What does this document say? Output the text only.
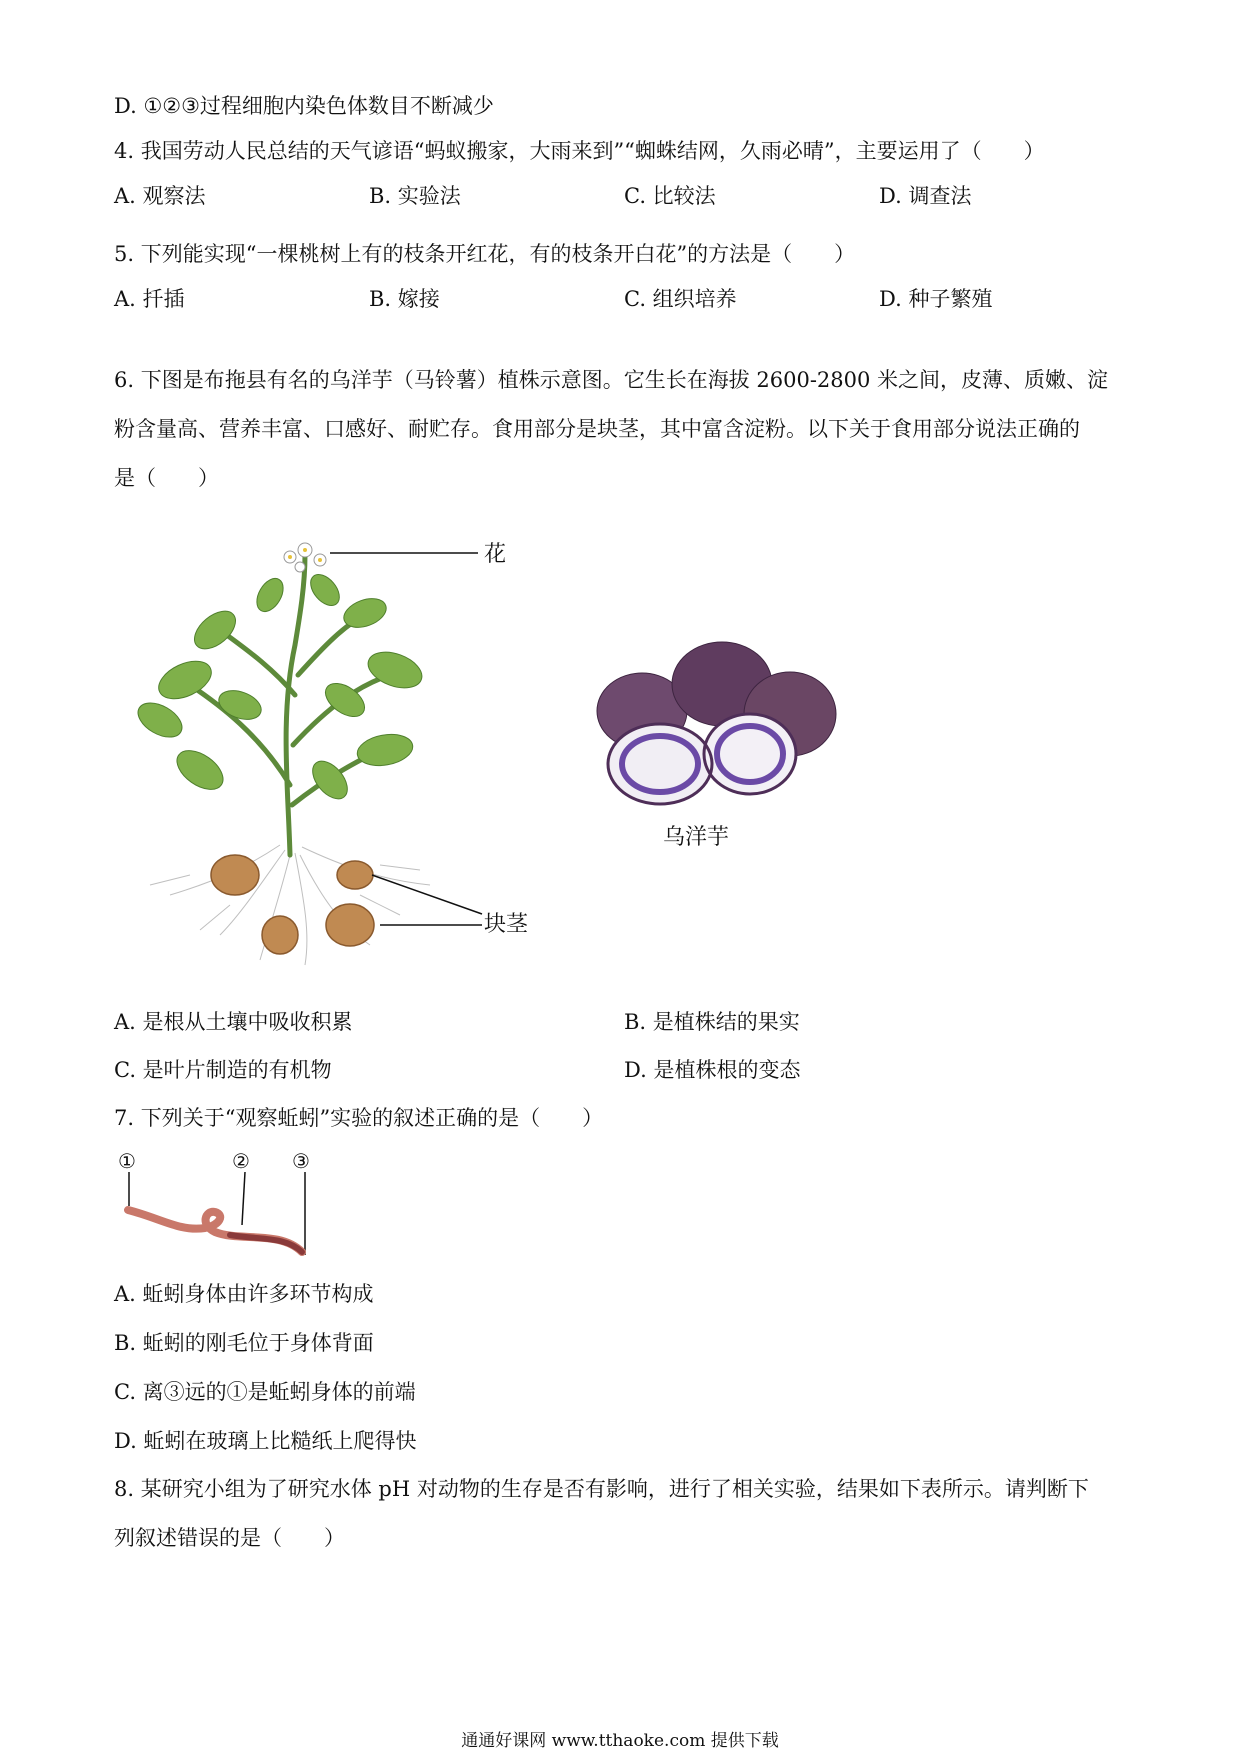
D. ①②③过程细胞内染色体数目不断减少
4. 我国劳动人民总结的天气谚语“蚂蚁搬家，大雨来到”“蜘蛛结网，久雨必晴”，主要运用了（　　）
A. 观察法	B. 实验法	C. 比较法	D. 调查法
5. 下列能实现“一棵桃树上有的枝条开红花，有的枝条开白花”的方法是（　　）
A. 扦插	B. 嫁接	C. 组织培养	D. 种子繁殖
6. 下图是布拖县有名的乌洋芋（马铃薯）植株示意图。它生长在海拔 2600-2800 米之间，皮薄、质嫩、淀
粉含量高、营养丰富、口感好、耐贮存。食用部分是块茎，其中富含淀粉。以下关于食用部分说法正确的
是（　　）
花
块茎
乌洋芋
A. 是根从土壤中吸收积累	B. 是植株结的果实
C. 是叶片制造的有机物	D. 是植株根的变态
7. 下列关于“观察蚯蚓”实验的叙述正确的是（　　）
①	② ③
A. 蚯蚓身体由许多环节构成
B. 蚯蚓的刚毛位于身体背面
C. 离③远的①是蚯蚓身体的前端
D. 蚯蚓在玻璃上比糙纸上爬得快
8. 某研究小组为了研究水体 pH 对动物的生存是否有影响，进行了相关实验，结果如下表所示。请判断下
列叙述错误的是（　　）
通通好课网 www.tthaoke.com 提供下载
